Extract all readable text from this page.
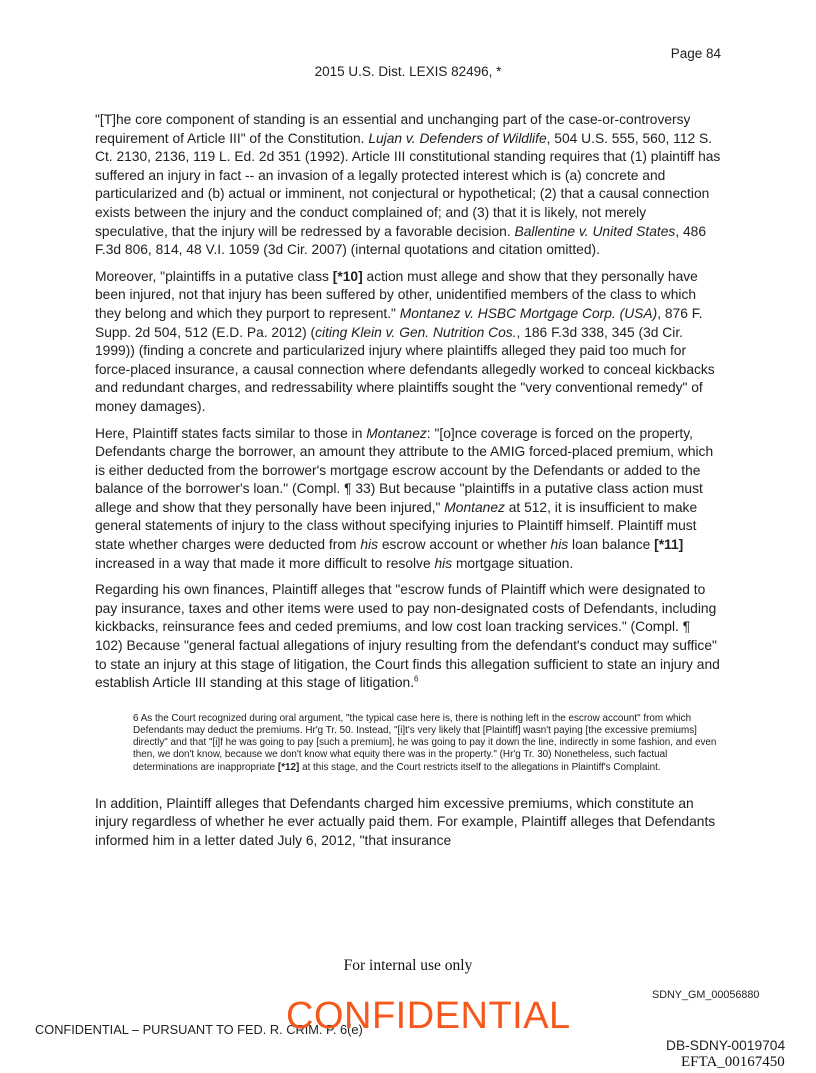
Page 84
2015 U.S. Dist. LEXIS 82496, *

"[T]he core component of standing is an essential and unchanging part of the case-or-controversy requirement of Article III" of the Constitution. Lujan v. Defenders of Wildlife, 504 U.S. 555, 560, 112 S. Ct. 2130, 2136, 119 L. Ed. 2d 351 (1992). Article III constitutional standing requires that (1) plaintiff has suffered an injury in fact -- an invasion of a legally protected interest which is (a) concrete and particularized and (b) actual or imminent, not conjectural or hypothetical; (2) that a causal connection exists between the injury and the conduct complained of; and (3) that it is likely, not merely speculative, that the injury will be redressed by a favorable decision. Ballentine v. United States, 486 F.3d 806, 814, 48 V.I. 1059 (3d Cir. 2007) (internal quotations and citation omitted).

Moreover, "plaintiffs in a putative class [*10] action must allege and show that they personally have been injured, not that injury has been suffered by other, unidentified members of the class to which they belong and which they purport to represent." Montanez v. HSBC Mortgage Corp. (USA), 876 F. Supp. 2d 504, 512 (E.D. Pa. 2012) (citing Klein v. Gen. Nutrition Cos., 186 F.3d 338, 345 (3d Cir. 1999)) (finding a concrete and particularized injury where plaintiffs alleged they paid too much for force-placed insurance, a causal connection where defendants allegedly worked to conceal kickbacks and redundant charges, and redressability where plaintiffs sought the "very conventional remedy" of money damages).

Here, Plaintiff states facts similar to those in Montanez: "[o]nce coverage is forced on the property, Defendants charge the borrower, an amount they attribute to the AMIG forced-placed premium, which is either deducted from the borrower's mortgage escrow account by the Defendants or added to the balance of the borrower's loan." (Compl. ¶ 33) But because "plaintiffs in a putative class action must allege and show that they personally have been injured," Montanez at 512, it is insufficient to make general statements of injury to the class without specifying injuries to Plaintiff himself. Plaintiff must state whether charges were deducted from his escrow account or whether his loan balance [*11] increased in a way that made it more difficult to resolve his mortgage situation.

Regarding his own finances, Plaintiff alleges that "escrow funds of Plaintiff which were designated to pay insurance, taxes and other items were used to pay non-designated costs of Defendants, including kickbacks, reinsurance fees and ceded premiums, and low cost loan tracking services." (Compl. ¶ 102) Because "general factual allegations of injury resulting from the defendant's conduct may suffice" to state an injury at this stage of litigation, the Court finds this allegation sufficient to state an injury and establish Article III standing at this stage of litigation.$^6$

6 As the Court recognized during oral argument, "the typical case here is, there is nothing left in the escrow account" from which Defendants may deduct the premiums. Hr'g Tr. 50. Instead, "[i]t's very likely that [Plaintiff] wasn't paying [the excessive premiums] directly" and that "[i]f he was going to pay [such a premium], he was going to pay it down the line, indirectly in some fashion, and even then, we don't know, because we don't know what equity there was in the property." (Hr'g Tr. 30) Nonetheless, such factual determinations are inappropriate [*12] at this stage, and the Court restricts itself to the allegations in Plaintiff's Complaint.

In addition, Plaintiff alleges that Defendants charged him excessive premiums, which constitute an injury regardless of whether he ever actually paid them. For example, Plaintiff alleges that Defendants informed him in a letter dated July 6, 2012, "that insurance

For internal use only
SDNY_GM_00056880
CONFIDENTIAL – PURSUANT TO FED. R. CRIM. P. 6(e)
CONFIDENTIAL
DB-SDNY-0019704
EFTA_00167450
